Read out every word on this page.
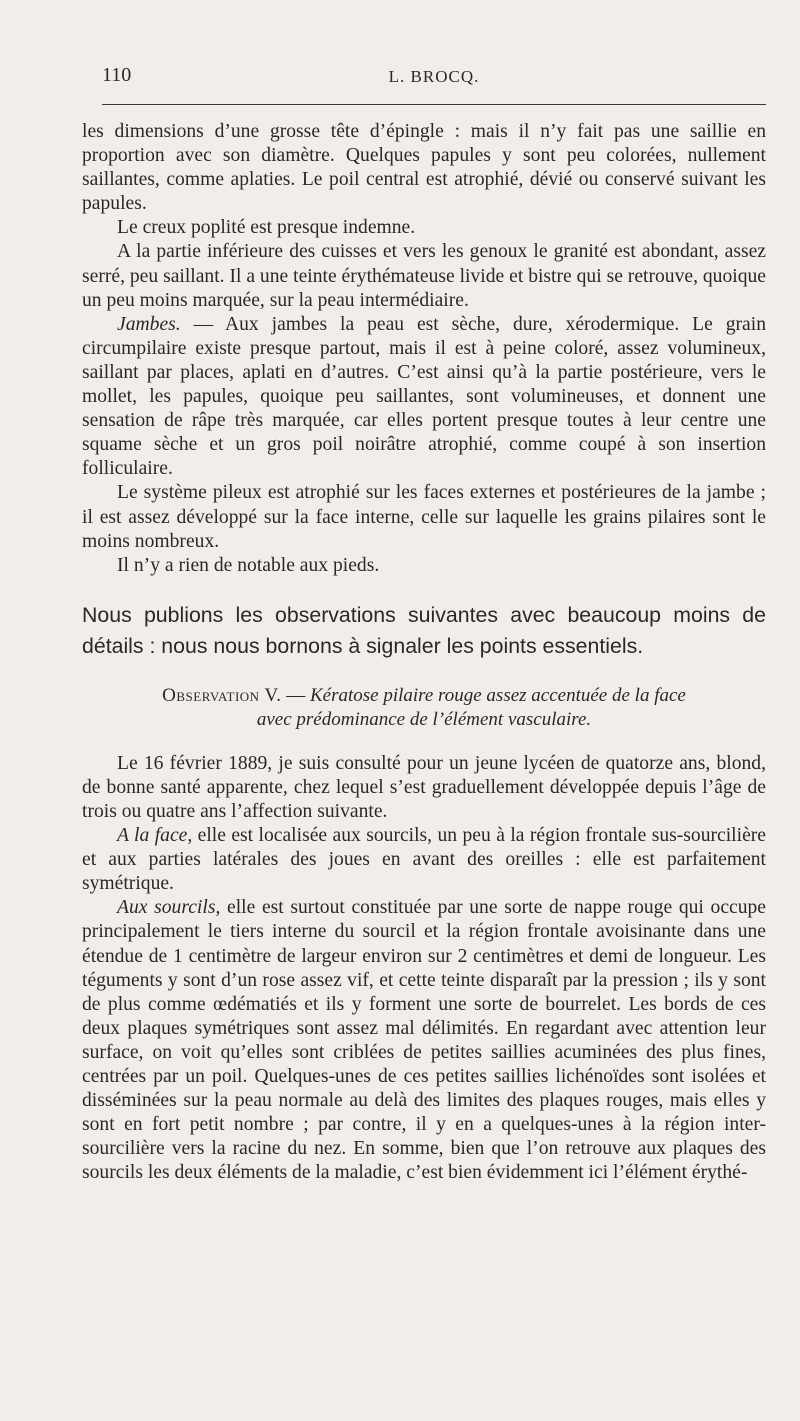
110	L. BROCQ.

les dimensions d’une grosse tête d’épingle : mais il n’y fait pas une saillie en proportion avec son diamètre. Quelques papules y sont peu colorées, nullement saillantes, comme aplaties. Le poil central est atrophié, dévié ou conservé suivant les papules.

Le creux poplité est presque indemne.

A la partie inférieure des cuisses et vers les genoux le granité est abondant, assez serré, peu saillant. Il a une teinte érythémateuse livide et bistre qui se retrouve, quoique un peu moins marquée, sur la peau intermédiaire.

Jambes. — Aux jambes la peau est sèche, dure, xérodermique. Le grain circumpilaire existe presque partout, mais il est à peine coloré, assez volumineux, saillant par places, aplati en d’autres. C’est ainsi qu’à la partie postérieure, vers le mollet, les papules, quoique peu saillantes, sont volumineuses, et donnent une sensation de râpe très marquée, car elles portent presque toutes à leur centre une squame sèche et un gros poil noirâtre atrophié, comme coupé à son insertion folliculaire.

Le système pileux est atrophié sur les faces externes et postérieures de la jambe ; il est assez développé sur la face interne, celle sur laquelle les grains pilaires sont le moins nombreux.

Il n’y a rien de notable aux pieds.

Nous publions les observations suivantes avec beaucoup moins de détails : nous nous bornons à signaler les points essentiels.

Observation V. — Kératose pilaire rouge assez accentuée de la face
avec prédominance de l’élément vasculaire.

Le 16 février 1889, je suis consulté pour un jeune lycéen de quatorze ans, blond, de bonne santé apparente, chez lequel s’est graduellement développée depuis l’âge de trois ou quatre ans l’affection suivante.

A la face, elle est localisée aux sourcils, un peu à la région frontale sus-sourcilière et aux parties latérales des joues en avant des oreilles : elle est parfaitement symétrique.

Aux sourcils, elle est surtout constituée par une sorte de nappe rouge qui occupe principalement le tiers interne du sourcil et la région frontale avoisinante dans une étendue de 1 centimètre de largeur environ sur 2 centimètres et demi de longueur. Les téguments y sont d’un rose assez vif, et cette teinte disparaît par la pression ; ils y sont de plus comme œdématiés et ils y forment une sorte de bourrelet. Les bords de ces deux plaques symétriques sont assez mal délimités. En regardant avec attention leur surface, on voit qu’elles sont criblées de petites saillies acuminées des plus fines, centrées par un poil. Quelques-unes de ces petites saillies lichénoïdes sont isolées et disséminées sur la peau normale au delà des limites des plaques rouges, mais elles y sont en fort petit nombre ; par contre, il y en a quelques-unes à la région inter-sourcilière vers la racine du nez. En somme, bien que l’on retrouve aux plaques des sourcils les deux éléments de la maladie, c’est bien évidemment ici l’élément érythé-
